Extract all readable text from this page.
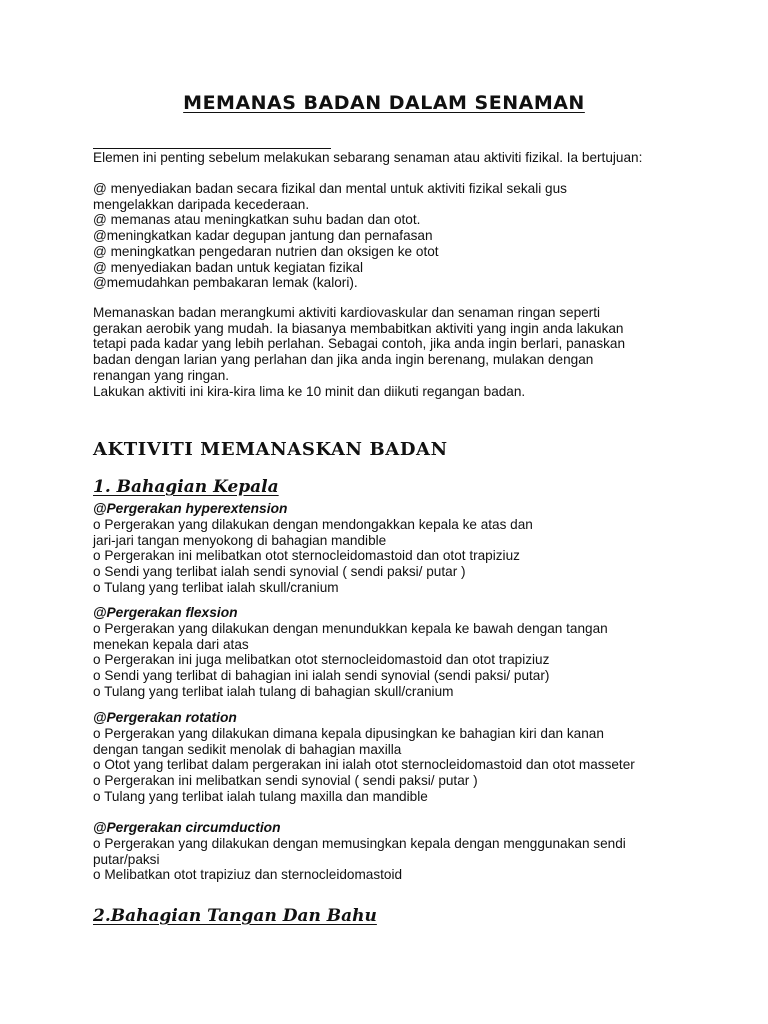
MEMANAS BADAN DALAM SENAMAN
Elemen ini penting sebelum melakukan sebarang senaman atau aktiviti fizikal. Ia bertujuan:
@ menyediakan badan secara fizikal dan mental untuk aktiviti fizikal sekali gus
mengelakkan daripada kecederaan.
@ memanas atau meningkatkan suhu badan dan otot.
@meningkatkan kadar degupan jantung dan pernafasan
@ meningkatkan pengedaran nutrien dan oksigen ke otot
@ menyediakan badan untuk kegiatan fizikal
@memudahkan pembakaran lemak (kalori).
Memanaskan badan merangkumi aktiviti kardiovaskular dan senaman ringan seperti
gerakan aerobik yang mudah. Ia biasanya membabitkan aktiviti yang ingin anda lakukan
tetapi pada kadar yang lebih perlahan. Sebagai contoh, jika anda ingin berlari, panaskan
badan dengan larian yang perlahan dan jika anda ingin berenang, mulakan dengan
renangan yang ringan.
Lakukan aktiviti ini kira-kira lima ke 10 minit dan diikuti regangan badan.
AKTIVITI MEMANASKAN BADAN
1. Bahagian Kepala
@Pergerakan hyperextension
o Pergerakan yang dilakukan dengan mendongakkan kepala ke atas dan
jari-jari tangan menyokong di bahagian mandible
o Pergerakan ini melibatkan otot sternocleidomastoid dan otot trapiziuz
o Sendi yang terlibat ialah sendi synovial ( sendi paksi/ putar )
o Tulang yang terlibat ialah skull/cranium
@Pergerakan flexsion
o Pergerakan yang dilakukan dengan menundukkan kepala ke bawah dengan tangan
menekan kepala dari atas
o Pergerakan ini juga melibatkan otot sternocleidomastoid dan otot trapiziuz
o Sendi yang terlibat di bahagian ini ialah sendi synovial (sendi paksi/ putar)
o Tulang yang terlibat ialah tulang di bahagian skull/cranium
@Pergerakan rotation
o Pergerakan yang dilakukan dimana kepala dipusingkan ke bahagian kiri dan kanan
dengan tangan sedikit menolak di bahagian maxilla
o Otot yang terlibat dalam pergerakan ini ialah otot sternocleidomastoid dan otot masseter
o Pergerakan ini melibatkan sendi synovial ( sendi paksi/ putar )
o Tulang yang terlibat ialah tulang maxilla dan mandible
@Pergerakan circumduction
o Pergerakan yang dilakukan dengan memusingkan kepala dengan menggunakan sendi
putar/paksi
o Melibatkan otot trapiziuz dan sternocleidomastoid
2.Bahagian Tangan Dan Bahu
